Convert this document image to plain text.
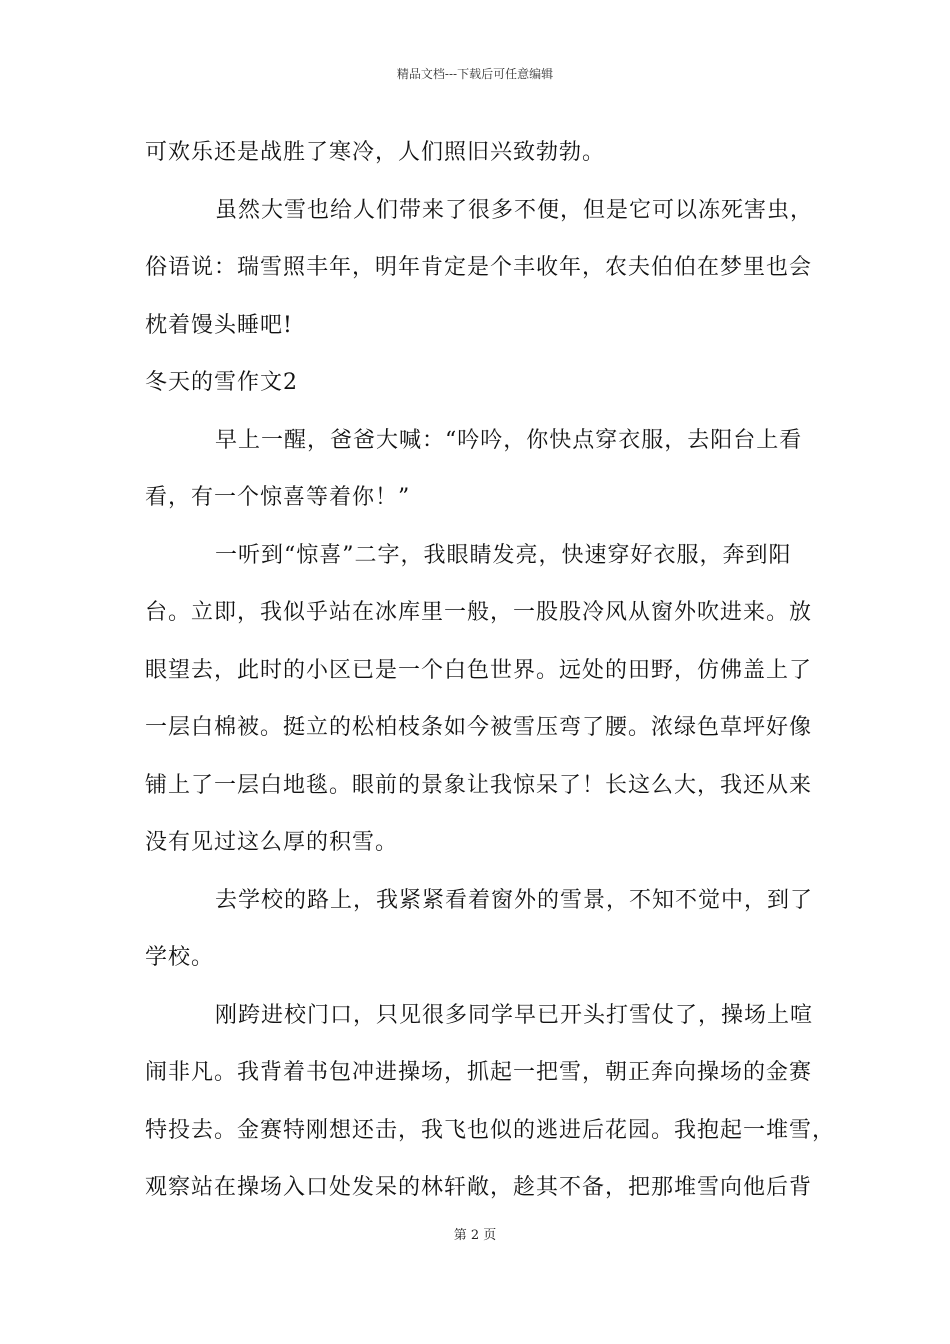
精品文档---下载后可任意编辑
可欢乐还是战胜了寒冷，人们照旧兴致勃勃。
虽然大雪也给人们带来了很多不便，但是它可以冻死害虫，
俗语说：瑞雪照丰年，明年肯定是个丰收年，农夫伯伯在梦里也会
枕着馒头睡吧!
冬天的雪作文2
早上一醒，爸爸大喊：“吟吟，你快点穿衣服，去阳台上看
看，有一个惊喜等着你！”
一听到“惊喜”二字，我眼睛发亮，快速穿好衣服，奔到阳
台。立即，我似乎站在冰库里一般，一股股冷风从窗外吹进来。放
眼望去，此时的小区已是一个白色世界。远处的田野，仿佛盖上了
一层白棉被。挺立的松柏枝条如今被雪压弯了腰。浓绿色草坪好像
铺上了一层白地毯。眼前的景象让我惊呆了！长这么大，我还从来
没有见过这么厚的积雪。
去学校的路上，我紧紧看着窗外的雪景，不知不觉中，到了
学校。
刚跨进校门口，只见很多同学早已开头打雪仗了，操场上喧
闹非凡。我背着书包冲进操场，抓起一把雪，朝正奔向操场的金赛
特投去。金赛特刚想还击，我飞也似的逃进后花园。我抱起一堆雪，
观察站在操场入口处发呆的林轩敞，趁其不备，把那堆雪向他后背
第 2 页
